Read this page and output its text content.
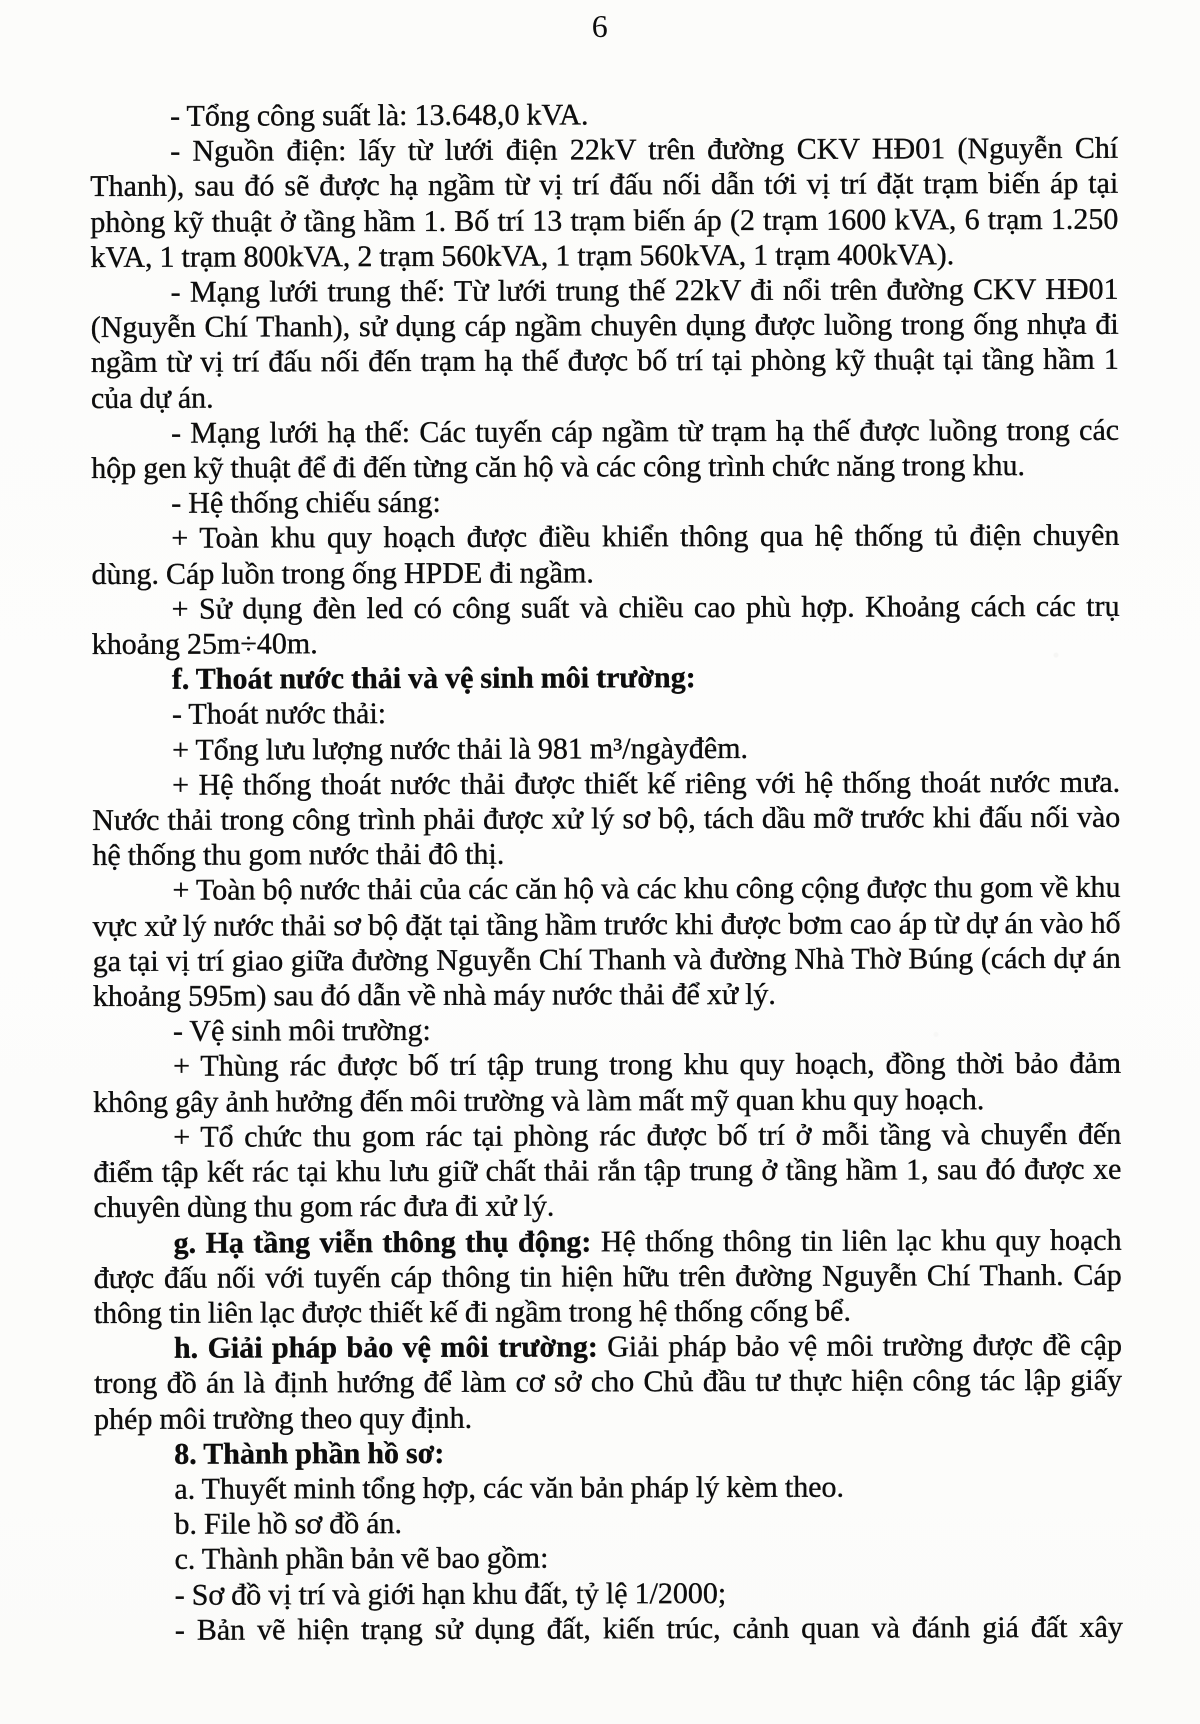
6

- Tổng công suất là: 13.648,0 kVA.

- Nguồn điện: lấy từ lưới điện 22kV trên đường CKV HĐ01 (Nguyễn Chí Thanh), sau đó sẽ được hạ ngầm từ vị trí đấu nối dẫn tới vị trí đặt trạm biến áp tại phòng kỹ thuật ở tầng hầm 1. Bố trí 13 trạm biến áp (2 trạm 1600 kVA, 6 trạm 1.250 kVA, 1 trạm 800kVA, 2 trạm 560kVA, 1 trạm 560kVA, 1 trạm 400kVA).

- Mạng lưới trung thế: Từ lưới trung thế 22kV đi nổi trên đường CKV HĐ01 (Nguyễn Chí Thanh), sử dụng cáp ngầm chuyên dụng được luồng trong ống nhựa đi ngầm từ vị trí đấu nối đến trạm hạ thế được bố trí tại phòng kỹ thuật tại tầng hầm 1 của dự án.

- Mạng lưới hạ thế: Các tuyến cáp ngầm từ trạm hạ thế được luồng trong các hộp gen kỹ thuật để đi đến từng căn hộ và các công trình chức năng trong khu.

- Hệ thống chiếu sáng:

+ Toàn khu quy hoạch được điều khiển thông qua hệ thống tủ điện chuyên dùng. Cáp luồn trong ống HPDE đi ngầm.

+ Sử dụng đèn led có công suất và chiều cao phù hợp. Khoảng cách các trụ khoảng 25m÷40m.

f. Thoát nước thải và vệ sinh môi trường:

- Thoát nước thải:

+ Tổng lưu lượng nước thải là 981 m³/ngàyđêm.

+ Hệ thống thoát nước thải được thiết kế riêng với hệ thống thoát nước mưa. Nước thải trong công trình phải được xử lý sơ bộ, tách dầu mỡ trước khi đấu nối vào hệ thống thu gom nước thải đô thị.

+ Toàn bộ nước thải của các căn hộ và các khu công cộng được thu gom về khu vực xử lý nước thải sơ bộ đặt tại tầng hầm trước khi được bơm cao áp từ dự án vào hố ga tại vị trí giao giữa đường Nguyễn Chí Thanh và đường Nhà Thờ Búng (cách dự án khoảng 595m) sau đó dẫn về nhà máy nước thải để xử lý.

- Vệ sinh môi trường:

+ Thùng rác được bố trí tập trung trong khu quy hoạch, đồng thời bảo đảm không gây ảnh hưởng đến môi trường và làm mất mỹ quan khu quy hoạch.

+ Tổ chức thu gom rác tại phòng rác được bố trí ở mỗi tầng và chuyển đến điểm tập kết rác tại khu lưu giữ chất thải rắn tập trung ở tầng hầm 1, sau đó được xe chuyên dùng thu gom rác đưa đi xử lý.

g. Hạ tầng viễn thông thụ động: Hệ thống thông tin liên lạc khu quy hoạch được đấu nối với tuyến cáp thông tin hiện hữu trên đường Nguyễn Chí Thanh. Cáp thông tin liên lạc được thiết kế đi ngầm trong hệ thống cống bể.

h. Giải pháp bảo vệ môi trường: Giải pháp bảo vệ môi trường được đề cập trong đồ án là định hướng để làm cơ sở cho Chủ đầu tư thực hiện công tác lập giấy phép môi trường theo quy định.

8. Thành phần hồ sơ:

a. Thuyết minh tổng hợp, các văn bản pháp lý kèm theo.

b. File hồ sơ đồ án.

c. Thành phần bản vẽ bao gồm:

- Sơ đồ vị trí và giới hạn khu đất, tỷ lệ 1/2000;

- Bản vẽ hiện trạng sử dụng đất, kiến trúc, cảnh quan và đánh giá đất xây
